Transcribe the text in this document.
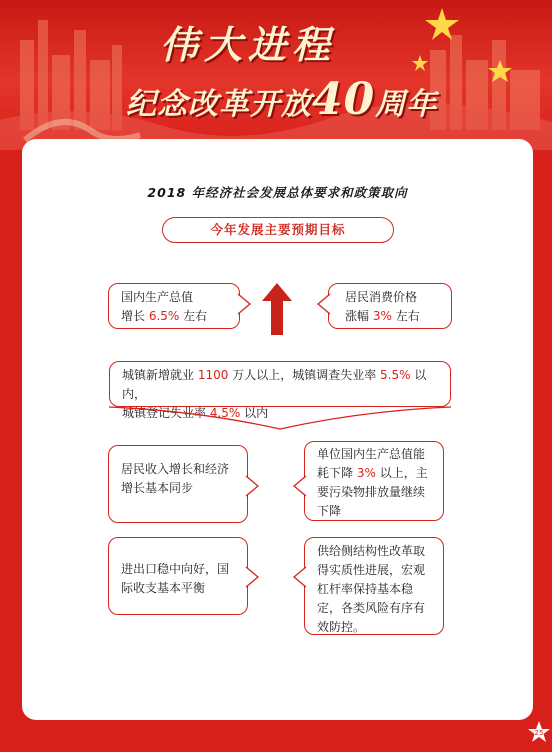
伟大进程
纪念改革开放40周年
2018 年经济社会发展总体要求和政策取向
今年发展主要预期目标
国内生产总值
增长 6.5% 左右
居民消费价格
涨幅 3% 左右
城镇新增就业 1100 万人以上，城镇调查失业率 5.5% 以内，
城镇登记失业率 4.5% 以内
居民收入增长和经济增长基本同步
单位国内生产总值能耗下降 3% 以上，主要污染物排放量继续下降
进出口稳中向好，国际收支基本平衡
供给侧结构性改革取得实质性进展，宏观杠杆率保持基本稳定，各类风险有序有效防控。
25
